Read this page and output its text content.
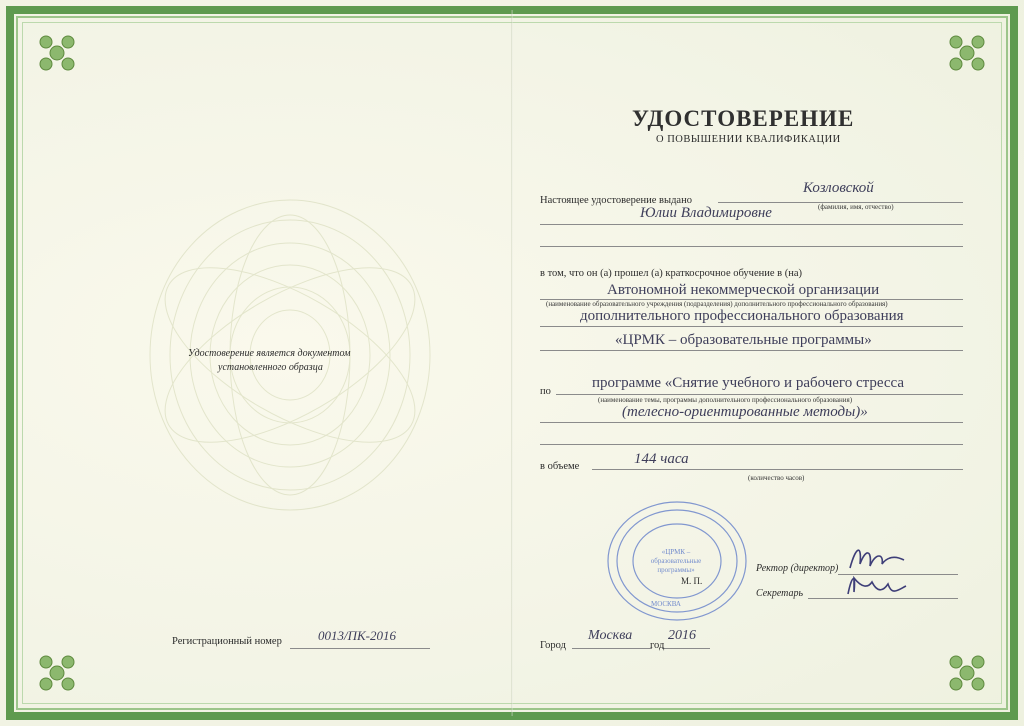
Удостоверение является документом
установленного образца
Регистрационный номер	0013/ПК-2016
УДОСТОВЕРЕНИЕ
О ПОВЫШЕНИИ КВАЛИФИКАЦИИ
Настоящее удостоверение выдано
Козловской
(фамилия, имя, отчество)
Юлии Владимировне
в том, что он (а) прошел (а) краткосрочное обучение в (на)
Автономной некоммерческой организации
(наименование образовательного учреждения (подразделения) дополнительного профессионального образования)
дополнительного профессионального образования
«ЦРМК – образовательные программы»
по
программе «Снятие учебного и рабочего стресса
(наименование темы, программы дополнительного профессионального образования)
(телесно-ориентированные методы)»
в объеме	144 часа
(количество часов)
«ЦРМК – образовательные программы»
МОСКВА
М. П.
Ректор (директор)
Секретарь
Город
Москва	2016
год
